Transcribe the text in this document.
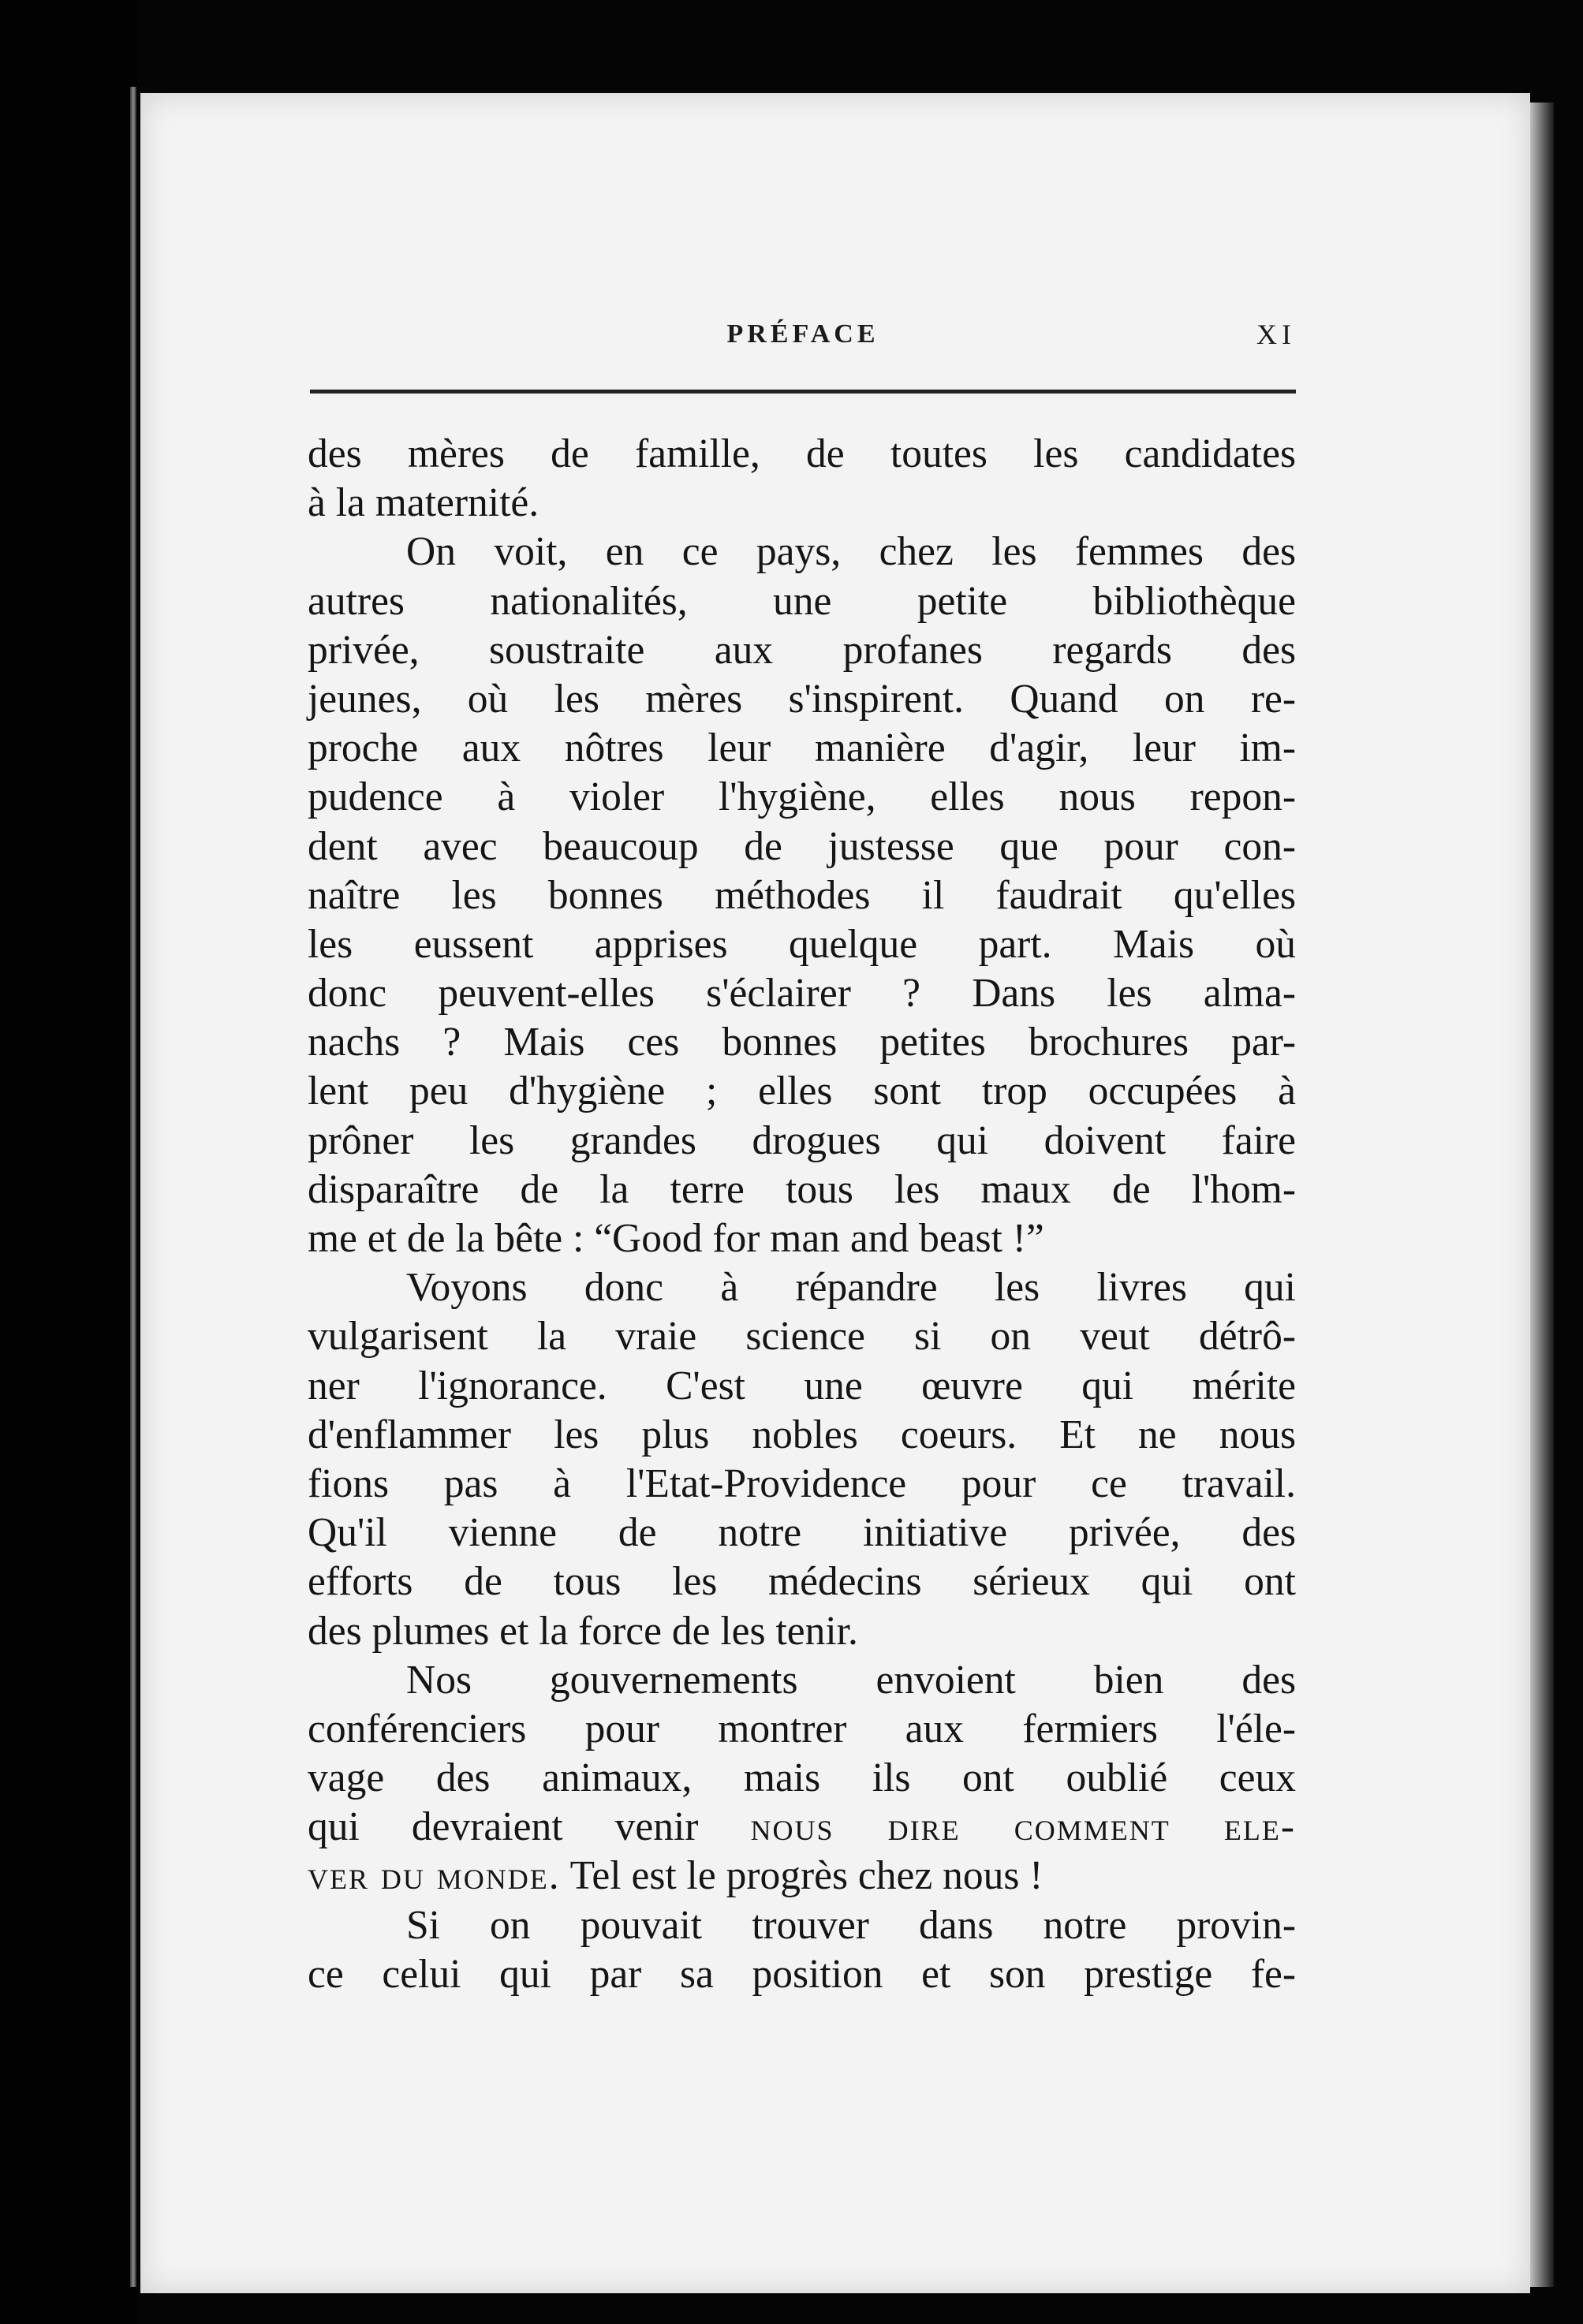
PRÉFACE	XI
des mères de famille, de toutes les candidates
à la maternité.
On voit, en ce pays, chez les femmes des
autres nationalités, une petite bibliothèque
privée, soustraite aux profanes regards des
jeunes, où les mères s'inspirent. Quand on re-
proche aux nôtres leur manière d'agir, leur im-
pudence à violer l'hygiène, elles nous repon-
dent avec beaucoup de justesse que pour con-
naître les bonnes méthodes il faudrait qu'elles
les eussent apprises quelque part. Mais où
donc peuvent-elles s'éclairer ? Dans les alma-
nachs ? Mais ces bonnes petites brochures par-
lent peu d'hygiène ; elles sont trop occupées à
prôner les grandes drogues qui doivent faire
disparaître de la terre tous les maux de l'hom-
me et de la bête : “Good for man and beast !”
Voyons donc à répandre les livres qui
vulgarisent la vraie science si on veut détrô-
ner l'ignorance. C'est une œuvre qui mérite
d'enflammer les plus nobles coeurs. Et ne nous
fions pas à l'Etat-Providence pour ce travail.
Qu'il vienne de notre initiative privée, des
efforts de tous les médecins sérieux qui ont
des plumes et la force de les tenir.
Nos gouvernements envoient bien des
conférenciers pour montrer aux fermiers l'éle-
vage des animaux, mais ils ont oublié ceux
qui devraient venir nous dire comment ele-
ver du monde. Tel est le progrès chez nous !
Si on pouvait trouver dans notre provin-
ce celui qui par sa position et son prestige fe-
